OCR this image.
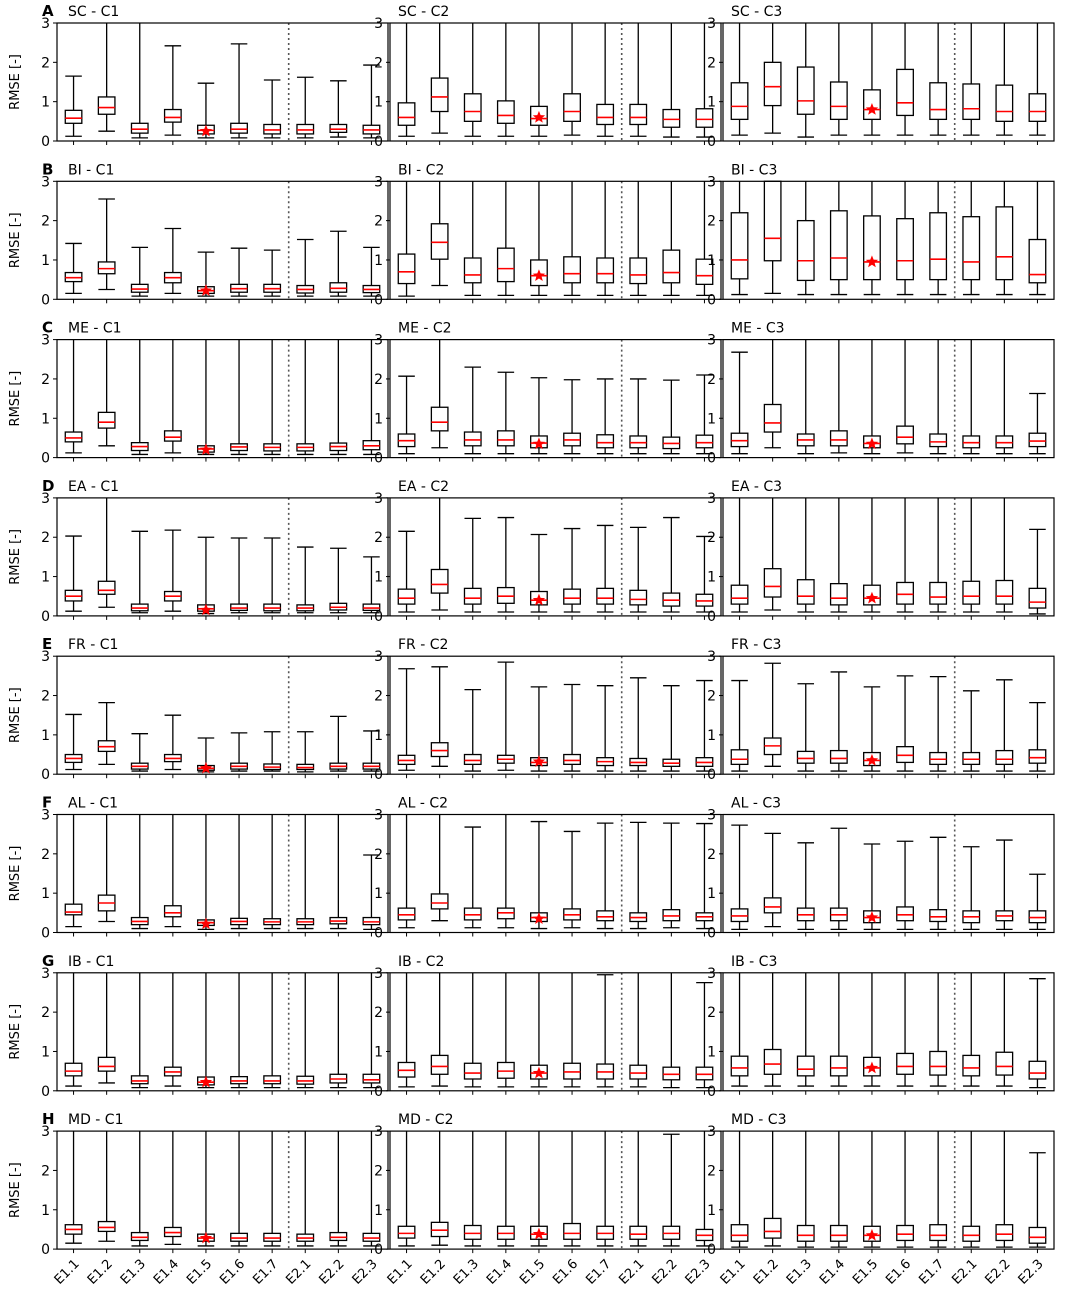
A SC - C1
0
1
2
3
RMSE [-]
SC - C2
0
1
2
3
SC - C3
0
1
2
3
B BI - C1
0
1
2
3
RMSE [-]
BI - C2
0
1
2
3
BI - C3
0
1
2
3
C ME - C1
0
1
2
3
RMSE [-]
ME - C2
0
1
2
3
ME - C3
0
1
2
3
D EA - C1
0
1
2
3
RMSE [-]
EA - C2
0
1
2
3
EA - C3
0
1
2
3
E FR - C1
0
1
2
3
RMSE [-]
FR - C2
0
1
2
3
FR - C3
0
1
2
3
F AL - C1
0
1
2
3
RMSE [-]
AL - C2
0
1
2
3
AL - C3
0
1
2
3
G IB - C1
0
1
2
3
RMSE [-]
IB - C2
0
1
2
3
IB - C3
0
1
2
3
H MD - C1
0
1
2
3
RMSE [-]
E1.1 E1.2 E1.3 E1.4 E1.5 E1.6 E1.7 E2.1 E2.2 E2.3
MD - C2
0
1
2
3
E1.1 E1.2 E1.3 E1.4 E1.5 E1.6 E1.7 E2.1 E2.2 E2.3
MD - C3
0
1
2
3
E1.1 E1.2 E1.3 E1.4 E1.5 E1.6 E1.7 E2.1 E2.2 E2.3
